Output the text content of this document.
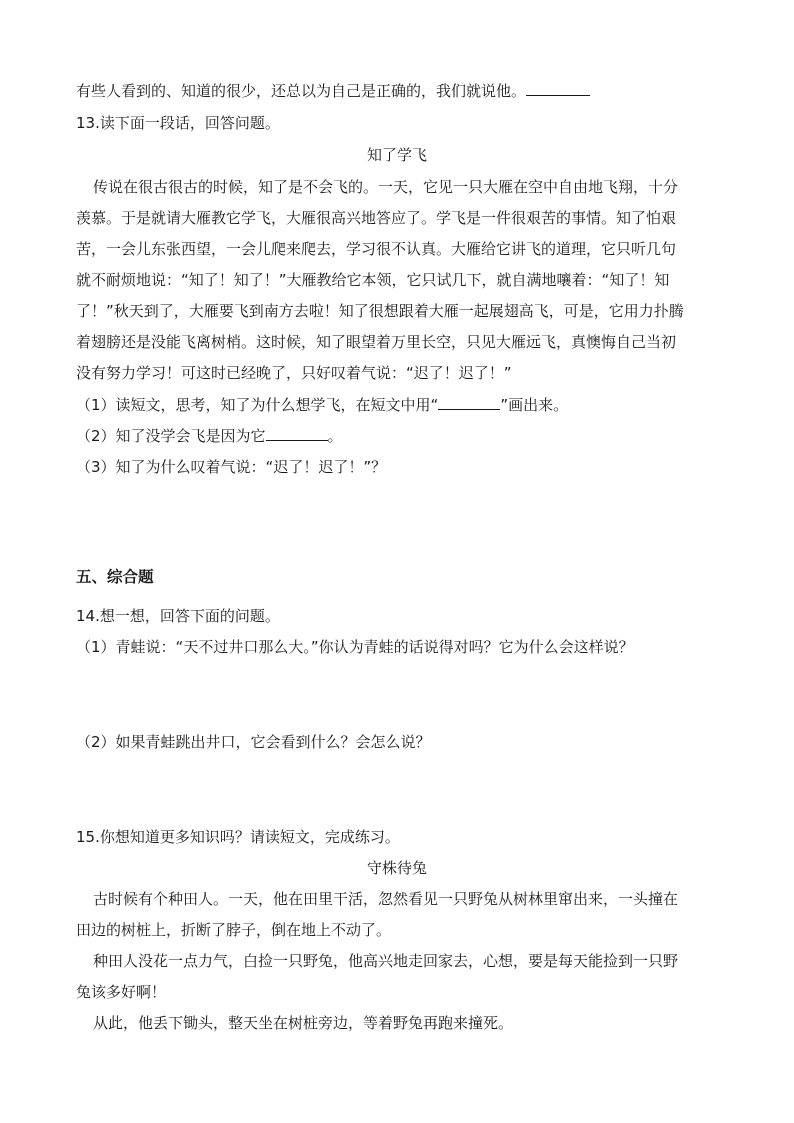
有些人看到的、知道的很少，还总以为自己是正确的，我们就说他。
13.读下面一段话，回答问题。
知了学飞
传说在很古很古的时候，知了是不会飞的。一天，它见一只大雁在空中自由地飞翔，十分
羡慕。于是就请大雁教它学飞，大雁很高兴地答应了。学飞是一件很艰苦的事情。知了怕艰
苦，一会儿东张西望，一会儿爬来爬去，学习很不认真。大雁给它讲飞的道理，它只听几句
就不耐烦地说：“知了！知了！”大雁教给它本领，它只试几下，就自满地嚷着：“知了！知
了！”秋天到了，大雁要飞到南方去啦！知了很想跟着大雁一起展翅高飞，可是，它用力扑腾
着翅膀还是没能飞离树梢。这时候，知了眼望着万里长空，只见大雁远飞，真懊悔自己当初
没有努力学习！可这时已经晚了，只好叹着气说：“迟了！迟了！”
（1）读短文，思考，知了为什么想学飞，在短文中用“	”画出来。
（2）知了没学会飞是因为它	。
（3）知了为什么叹着气说：“迟了！迟了！”？
五、综合题
14.想一想，回答下面的问题。
（1）青蛙说：“天不过井口那么大。”你认为青蛙的话说得对吗？它为什么会这样说？
（2）如果青蛙跳出井口，它会看到什么？会怎么说？
15.你想知道更多知识吗？请读短文，完成练习。
守株待兔
古时候有个种田人。一天，他在田里干活，忽然看见一只野兔从树林里窜出来，一头撞在
田边的树桩上，折断了脖子，倒在地上不动了。
种田人没花一点力气，白捡一只野兔，他高兴地走回家去，心想，要是每天能捡到一只野
兔该多好啊！
从此，他丢下锄头，整天坐在树桩旁边，等着野兔再跑来撞死。
